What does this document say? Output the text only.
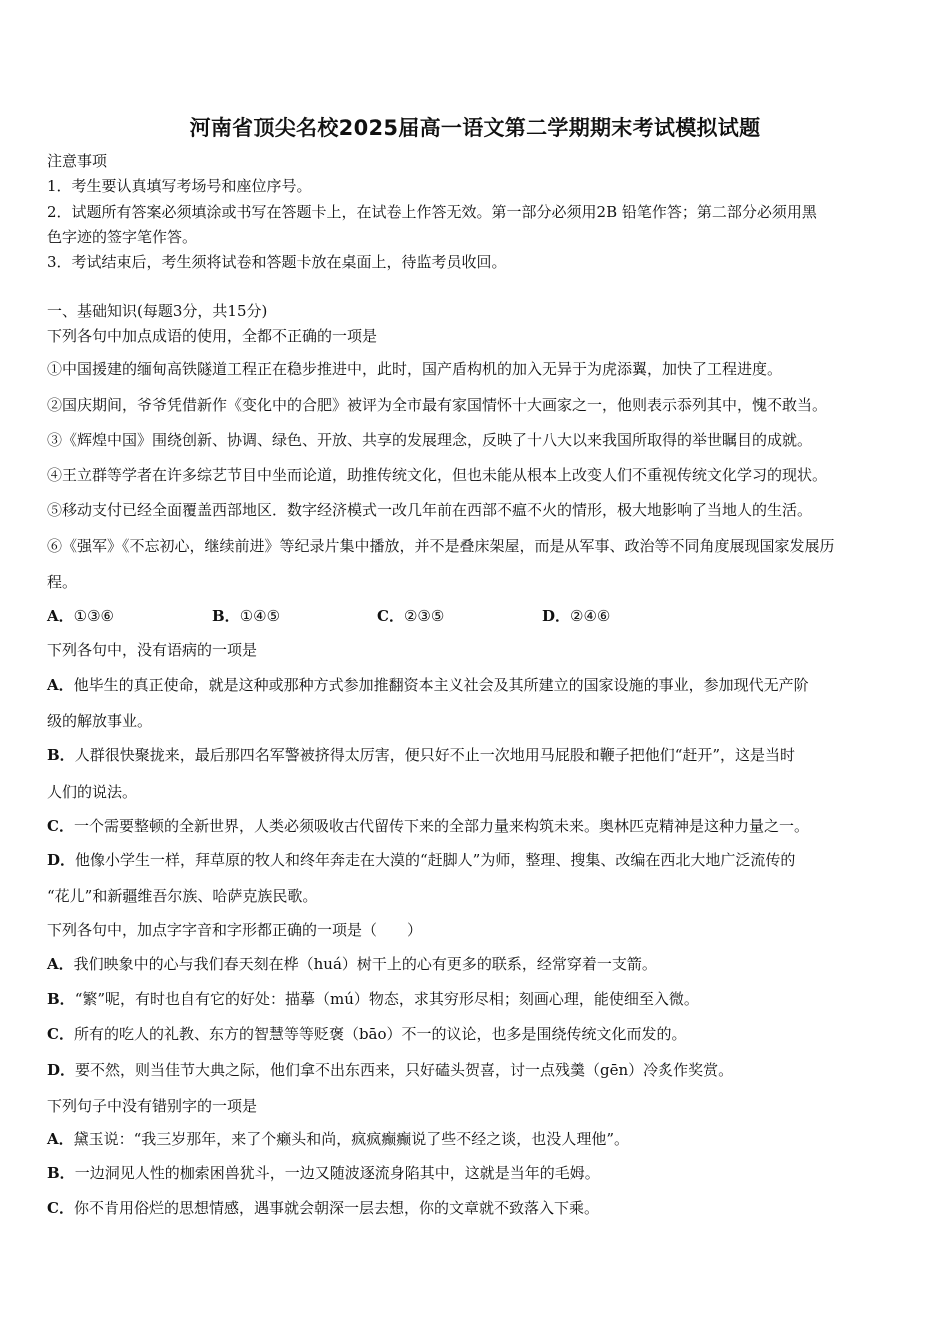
河南省顶尖名校2025届高一语文第二学期期末考试模拟试题
注意事项
1．考生要认真填写考场号和座位序号。
2．试题所有答案必须填涂或书写在答题卡上，在试卷上作答无效。第一部分必须用2B 铅笔作答；第二部分必须用黑
色字迹的签字笔作答。
3．考试结束后，考生须将试卷和答题卡放在桌面上，待监考员收回。
一、基础知识(每题3分，共15分)
下列各句中加点成语的使用，全都不正确的一项是
①中国援建的缅甸高铁隧道工程正在稳步推进中，此时，国产盾构机的加入无异于为虎添翼，加快了工程进度。
②国庆期间，爷爷凭借新作《变化中的合肥》被评为全市最有家国情怀十大画家之一，他则表示忝列其中，愧不敢当。
③《辉煌中国》围绕创新、协调、绿色、开放、共享的发展理念，反映了十八大以来我国所取得的举世瞩目的成就。
④王立群等学者在许多综艺节目中坐而论道，助推传统文化，但也未能从根本上改变人们不重视传统文化学习的现状。
⑤移动支付已经全面覆盖西部地区．数字经济模式一改几年前在西部不瘟不火的情形，极大地影响了当地人的生活。
⑥《强军》《不忘初心，继续前进》等纪录片集中播放，并不是叠床架屋，而是从军事、政治等不同角度展现国家发展历
程。
A．①③⑥	B．①④⑤	C．②③⑤	D．②④⑥
下列各句中，没有语病的一项是
A．他毕生的真正使命，就是这种或那种方式参加推翻资本主义社会及其所建立的国家设施的事业，参加现代无产阶
级的解放事业。
B．人群很快聚拢来，最后那四名军警被挤得太厉害，便只好不止一次地用马屁股和鞭子把他们“赶开”，这是当时
人们的说法。
C．一个需要整顿的全新世界，人类必须吸收古代留传下来的全部力量来构筑未来。奥林匹克精神是这种力量之一。
D．他像小学生一样，拜草原的牧人和终年奔走在大漠的“赶脚人”为师，整理、搜集、改编在西北大地广泛流传的
“花儿”和新疆维吾尔族、哈萨克族民歌。
下列各句中，加点字字音和字形都正确的一项是（　　）
A．我们映象中的心与我们春天刻在桦（huá）树干上的心有更多的联系，经常穿着一支箭。
B．“繁”呢，有时也自有它的好处：描摹（mú）物态，求其穷形尽相；刻画心理，能使细至入微。
C．所有的吃人的礼教、东方的智慧等等贬褒（bāo）不一的议论，也多是围绕传统文化而发的。
D．要不然，则当佳节大典之际，他们拿不出东西来，只好磕头贺喜，讨一点残羹（gēn）冷炙作奖赏。
下列句子中没有错别字的一项是
A．黛玉说：“我三岁那年，来了个癞头和尚，疯疯癫癫说了些不经之谈，也没人理他”。
B．一边洞见人性的枷索困兽犹斗，一边又随波逐流身陷其中，这就是当年的毛姆。
C．你不肯用俗烂的思想情感，遇事就会朝深一层去想，你的文章就不致落入下乘。
